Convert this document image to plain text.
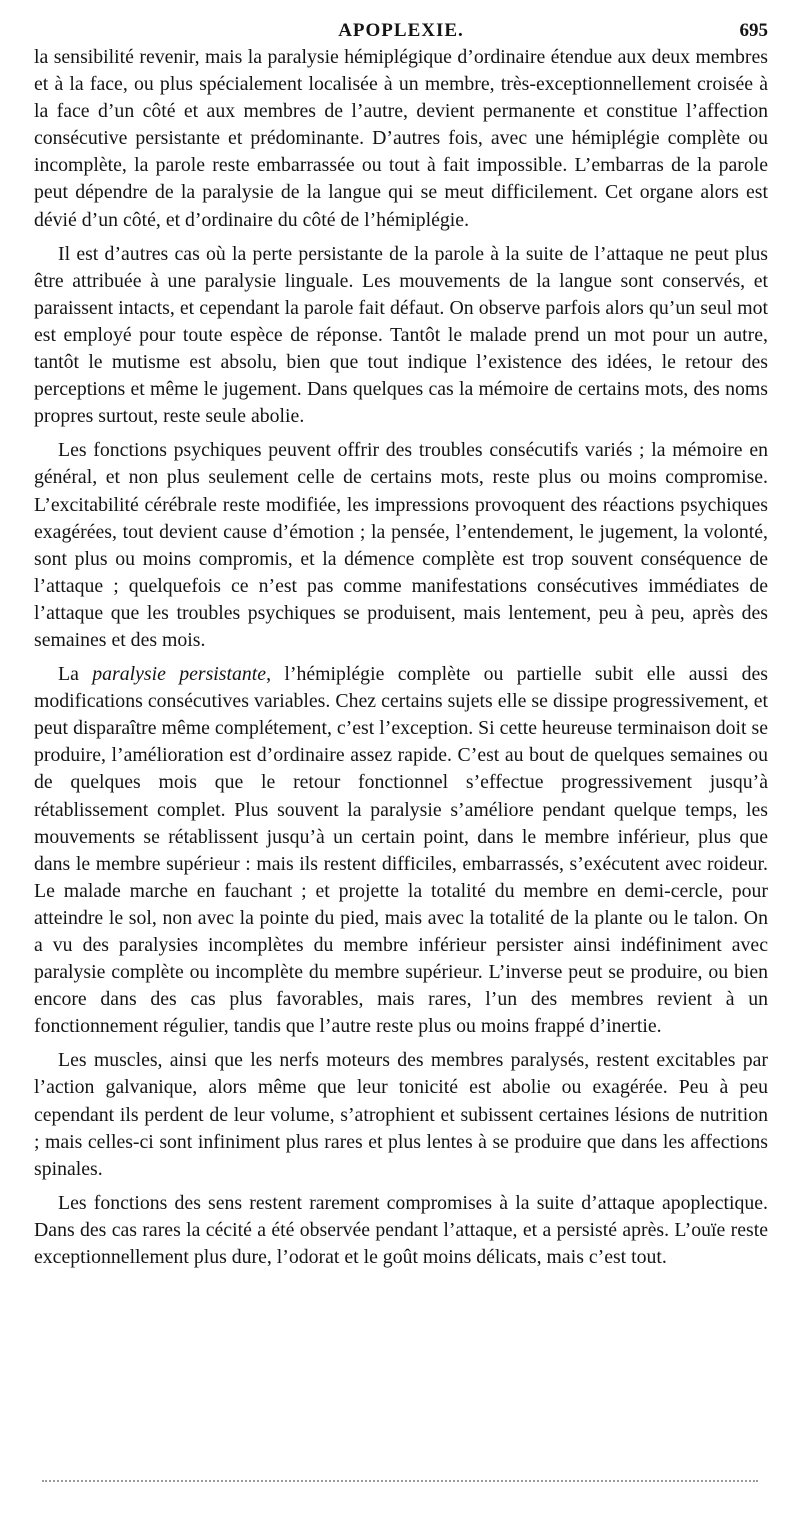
APOPLEXIE.	695

la sensibilité revenir, mais la paralysie hémiplégique d’ordinaire étendue aux deux membres et à la face, ou plus spécialement localisée à un membre, très-exceptionnellement croisée à la face d’un côté et aux membres de l’autre, devient permanente et constitue l’affection consécutive persistante et prédominante. D’autres fois, avec une hémiplégie complète ou incomplète, la parole reste embarrassée ou tout à fait impossible. L’embarras de la parole peut dépendre de la paralysie de la langue qui se meut difficilement. Cet organe alors est dévié d’un côté, et d’ordinaire du côté de l’hémiplégie.

Il est d’autres cas où la perte persistante de la parole à la suite de l’attaque ne peut plus être attribuée à une paralysie linguale. Les mouvements de la langue sont conservés, et paraissent intacts, et cependant la parole fait défaut. On observe parfois alors qu’un seul mot est employé pour toute espèce de réponse. Tantôt le malade prend un mot pour un autre, tantôt le mutisme est absolu, bien que tout indique l’existence des idées, le retour des perceptions et même le jugement. Dans quelques cas la mémoire de certains mots, des noms propres surtout, reste seule abolie.

Les fonctions psychiques peuvent offrir des troubles consécutifs variés ; la mémoire en général, et non plus seulement celle de certains mots, reste plus ou moins compromise. L’excitabilité cérébrale reste modifiée, les impressions provoquent des réactions psychiques exagérées, tout devient cause d’émotion ; la pensée, l’entendement, le jugement, la volonté, sont plus ou moins compromis, et la démence complète est trop souvent conséquence de l’attaque ; quelquefois ce n’est pas comme manifestations consécutives immédiates de l’attaque que les troubles psychiques se produisent, mais lentement, peu à peu, après des semaines et des mois.

La paralysie persistante, l’hémiplégie complète ou partielle subit elle aussi des modifications consécutives variables. Chez certains sujets elle se dissipe progressivement, et peut disparaître même complétement, c’est l’exception. Si cette heureuse terminaison doit se produire, l’amélioration est d’ordinaire assez rapide. C’est au bout de quelques semaines ou de quelques mois que le retour fonctionnel s’effectue progressivement jusqu’à rétablissement complet. Plus souvent la paralysie s’améliore pendant quelque temps, les mouvements se rétablissent jusqu’à un certain point, dans le membre inférieur, plus que dans le membre supérieur : mais ils restent difficiles, embarrassés, s’exécutent avec roideur. Le malade marche en fauchant ; et projette la totalité du membre en demi-cercle, pour atteindre le sol, non avec la pointe du pied, mais avec la totalité de la plante ou le talon. On a vu des paralysies incomplètes du membre inférieur persister ainsi indéfiniment avec paralysie complète ou incomplète du membre supérieur. L’inverse peut se produire, ou bien encore dans des cas plus favorables, mais rares, l’un des membres revient à un fonctionnement régulier, tandis que l’autre reste plus ou moins frappé d’inertie.

Les muscles, ainsi que les nerfs moteurs des membres paralysés, restent excitables par l’action galvanique, alors même que leur tonicité est abolie ou exagérée. Peu à peu cependant ils perdent de leur volume, s’atrophient et subissent certaines lésions de nutrition ; mais celles-ci sont infiniment plus rares et plus lentes à se produire que dans les affections spinales.

Les fonctions des sens restent rarement compromises à la suite d’attaque apoplectique. Dans des cas rares la cécité a été observée pendant l’attaque, et a persisté après. L’ouïe reste exceptionnellement plus dure, l’odorat et le goût moins délicats, mais c’est tout.
